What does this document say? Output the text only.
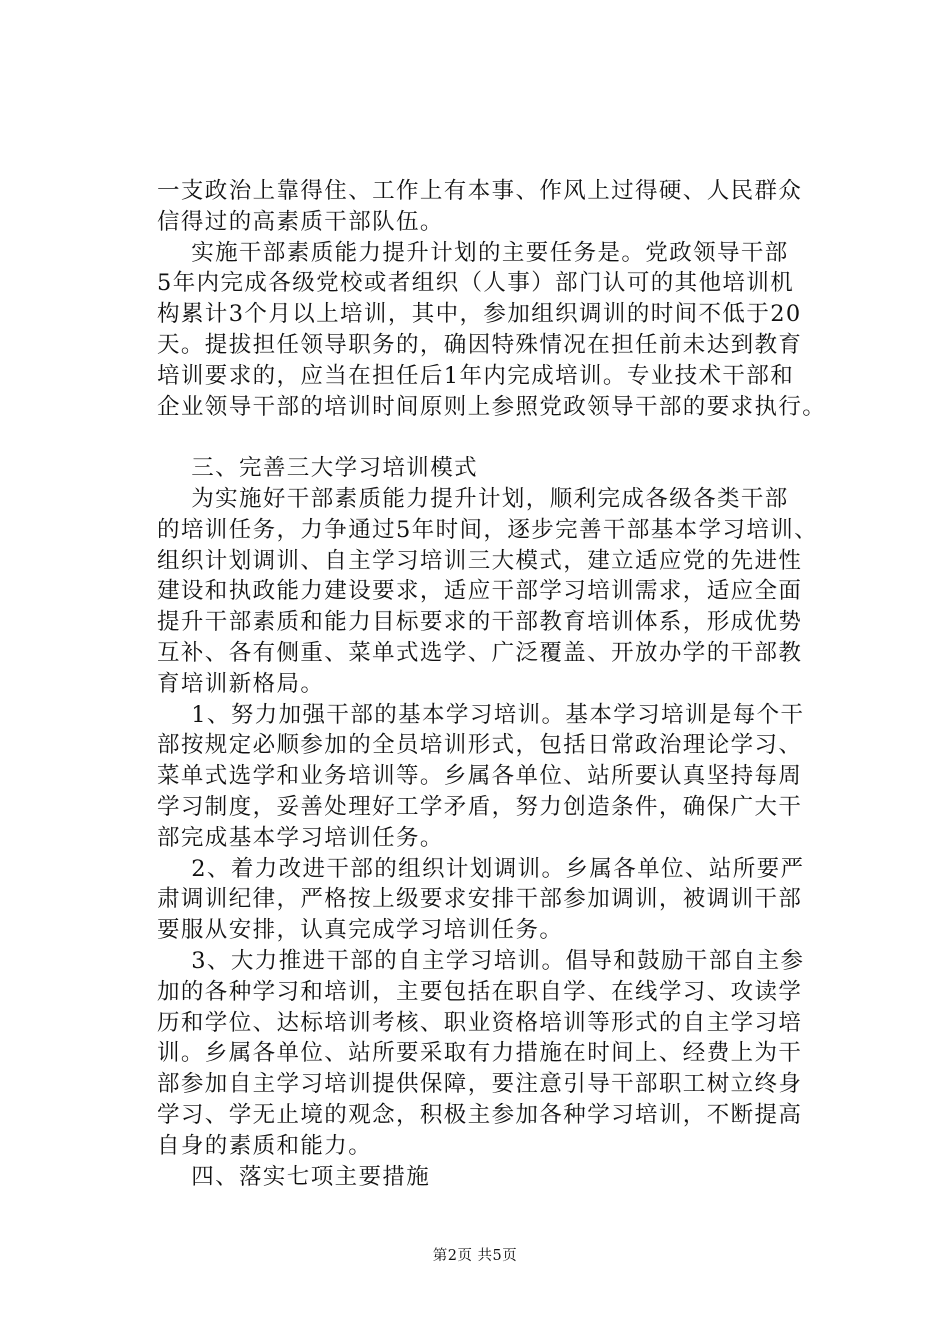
一支政治上靠得住、工作上有本事、作风上过得硬、人民群众
信得过的高素质干部队伍。
实施干部素质能力提升计划的主要任务是。党政领导干部
5年内完成各级党校或者组织（人事）部门认可的其他培训机
构累计3个月以上培训，其中，参加组织调训的时间不低于20
天。提拔担任领导职务的，确因特殊情况在担任前未达到教育
培训要求的，应当在担任后1年内完成培训。专业技术干部和
企业领导干部的培训时间原则上参照党政领导干部的要求执行。
三、完善三大学习培训模式
为实施好干部素质能力提升计划，顺利完成各级各类干部
的培训任务，力争通过5年时间，逐步完善干部基本学习培训、
组织计划调训、自主学习培训三大模式，建立适应党的先进性
建设和执政能力建设要求，适应干部学习培训需求，适应全面
提升干部素质和能力目标要求的干部教育培训体系，形成优势
互补、各有侧重、菜单式选学、广泛覆盖、开放办学的干部教
育培训新格局。
1、努力加强干部的基本学习培训。基本学习培训是每个干
部按规定必顺参加的全员培训形式，包括日常政治理论学习、
菜单式选学和业务培训等。乡属各单位、站所要认真坚持每周
学习制度，妥善处理好工学矛盾，努力创造条件，确保广大干
部完成基本学习培训任务。
2、着力改进干部的组织计划调训。乡属各单位、站所要严
肃调训纪律，严格按上级要求安排干部参加调训，被调训干部
要服从安排，认真完成学习培训任务。
3、大力推进干部的自主学习培训。倡导和鼓励干部自主参
加的各种学习和培训，主要包括在职自学、在线学习、攻读学
历和学位、达标培训考核、职业资格培训等形式的自主学习培
训。乡属各单位、站所要采取有力措施在时间上、经费上为干
部参加自主学习培训提供保障，要注意引导干部职工树立终身
学习、学无止境的观念，积极主参加各种学习培训，不断提高
自身的素质和能力。
四、落实七项主要措施
第2页 共5页
